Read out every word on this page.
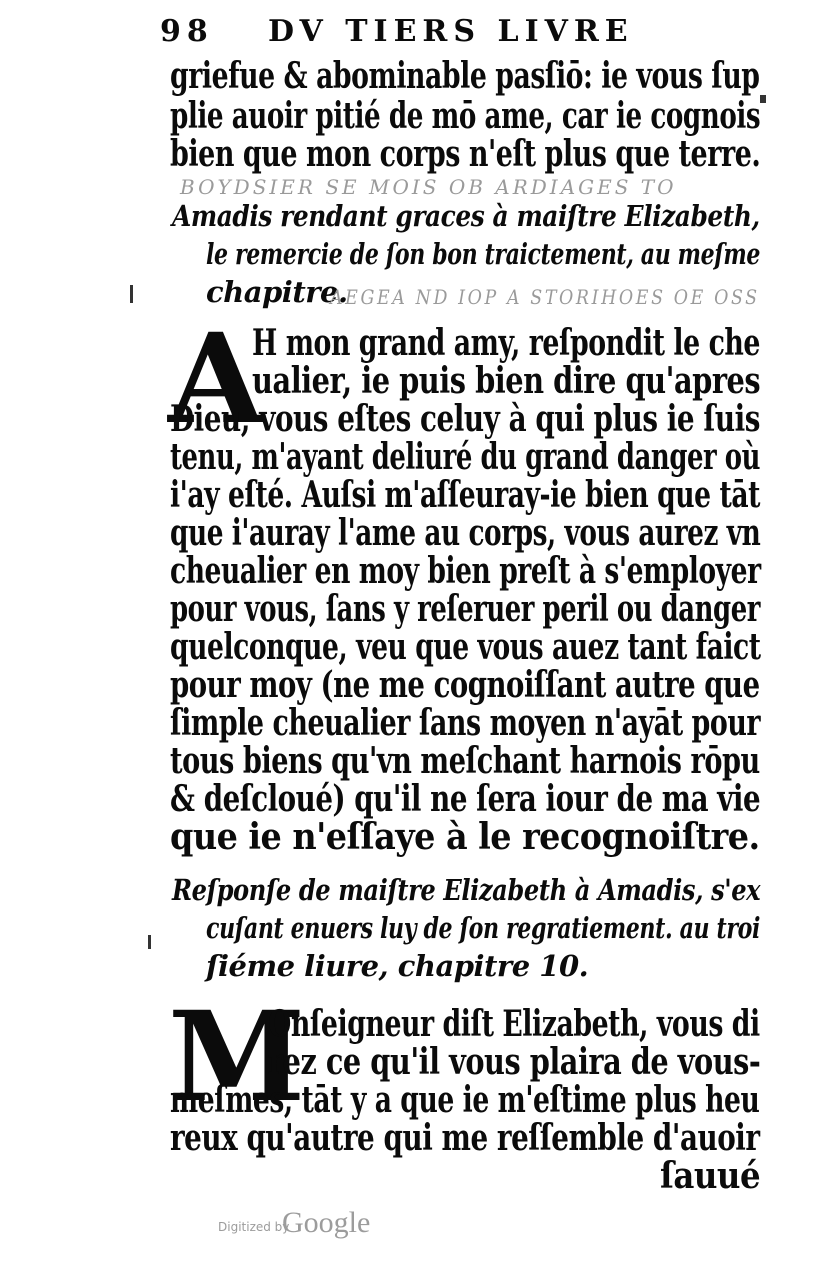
98 DV TIERS LIVRE
griefue & abominable pasſiō: ie vous ſup
plie auoir pitié de mō ame, car ie cognois
bien que mon corps n'eſt plus que terre.
BOYDSIER SE MOIS OB ARDIAGES TO
Amadis rendant graces à maiſtre Elizabeth,
le remercie de ſon bon traictement, au meſme
chapitre.
AEGEA ND IOP A STORIHOES OE OSS
A
H mon grand amy, reſpondit le che
ualier, ie puis bien dire qu'apres
Dieu, vous eſtes celuy à qui plus ie ſuis
tenu, m'ayant deliuré du grand danger où
i'ay eſté. Auſsi m'aſſeuray-ie bien que tāt
que i'auray l'ame au corps, vous aurez vn
cheualier en moy bien preſt à s'employer
pour vous, ſans y reſeruer peril ou danger
quelconque, veu que vous auez tant faict
pour moy (ne me cognoiſſant autre que
ſimple cheualier ſans moyen n'ayāt pour
tous biens qu'vn meſchant harnois rōpu
& deſcloué) qu'il ne ſera iour de ma vie
que ie n'eſſaye à le recognoiſtre.
Reſponſe de maiſtre Elizabeth à Amadis, s'ex
cuſant enuers luy de ſon regratiement. au troi
ſiéme liure, chapitre 10.
M
Onſeigneur diſt Elizabeth, vous di
rez ce qu'il vous plaira de vous-
meſmes, tāt y a que ie m'eſtime plus heu
reux qu'autre qui me reſſemble d'auoir
ſauué
Digitized by
Google
